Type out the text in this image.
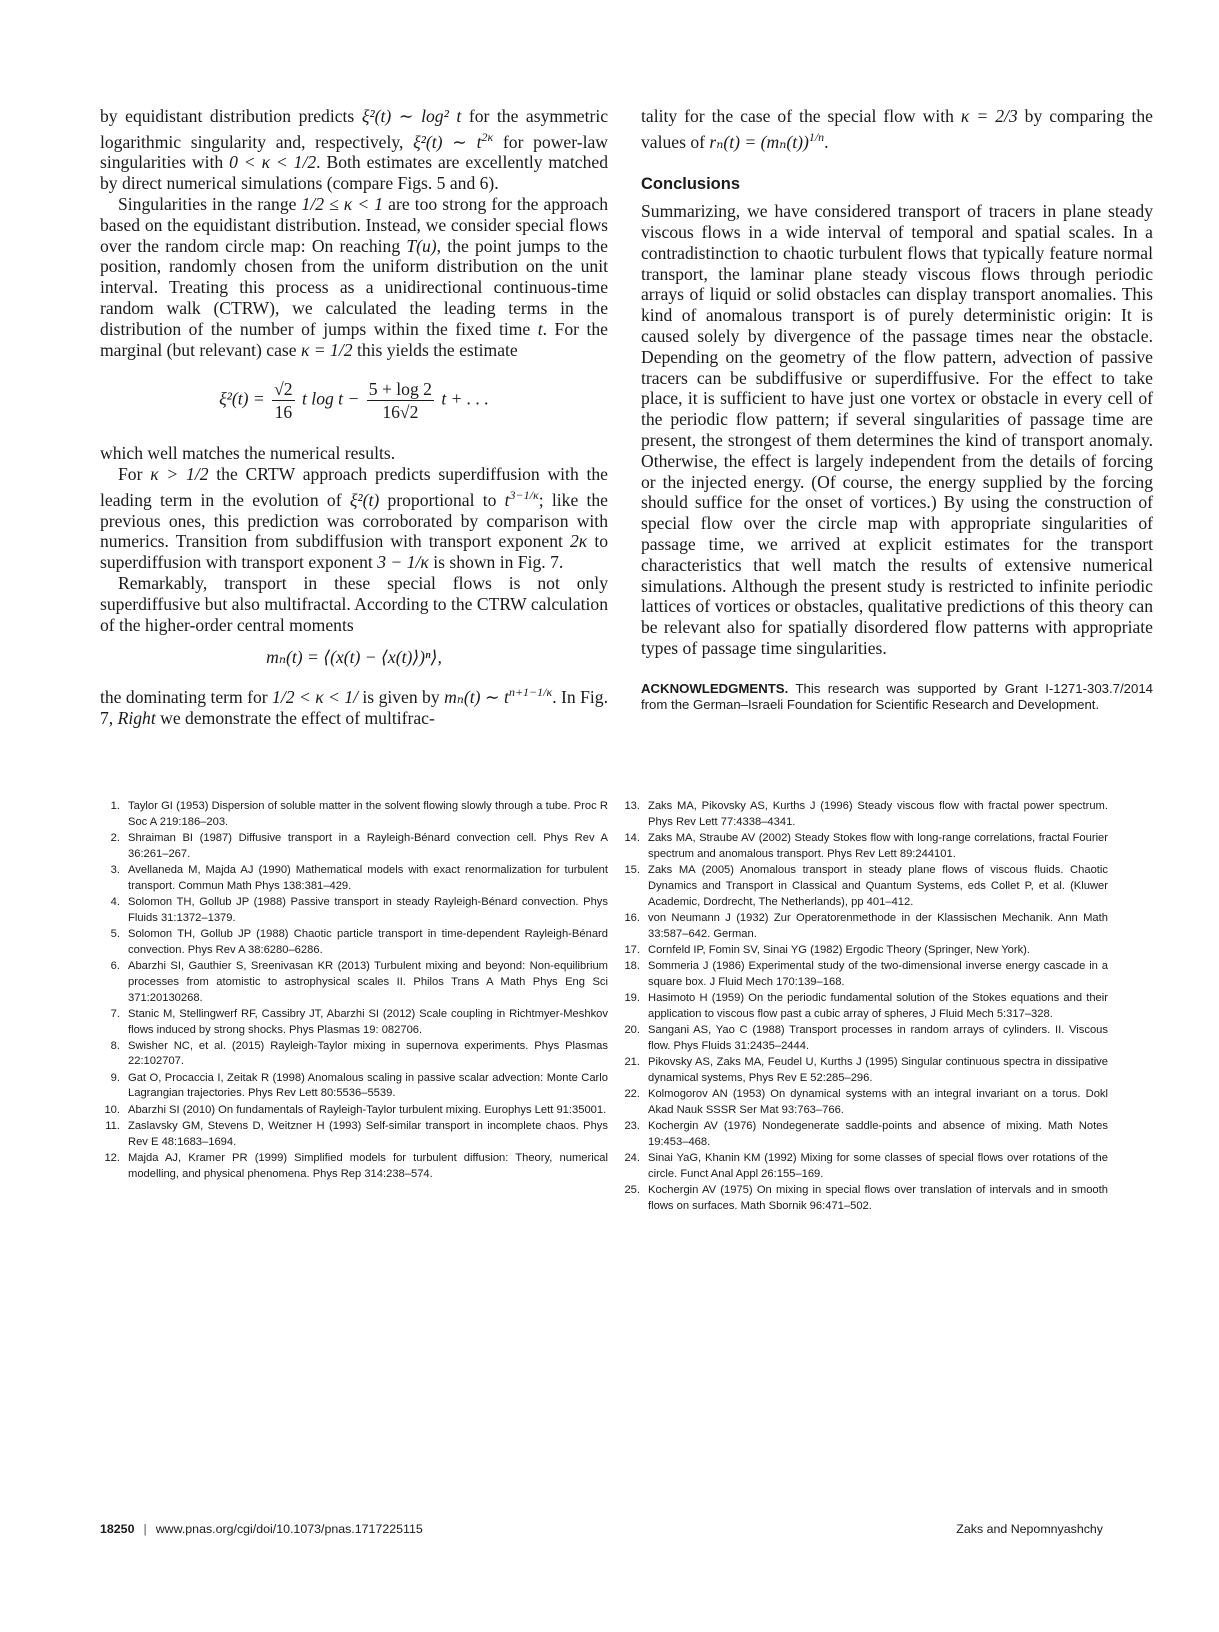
by equidistant distribution predicts ξ²(t) ∼ log² t for the asymmetric logarithmic singularity and, respectively, ξ²(t) ∼ $t^{2\kappa}$ for power-law singularities with 0 < κ < 1/2. Both estimates are excellently matched by direct numerical simulations (compare Figs. 5 and 6).

Singularities in the range 1/2 ≤ κ < 1 are too strong for the approach based on the equidistant distribution. Instead, we consider special flows over the random circle map: On reaching T(u), the point jumps to the position, randomly chosen from the uniform distribution on the unit interval. Treating this process as a unidirectional continuous-time random walk (CTRW), we calculated the leading terms in the distribution of the number of jumps within the fixed time t. For the marginal (but relevant) case κ = 1/2 this yields the estimate

$\xi^2(t) = \frac{√2}{16}$ t $\log t - \frac{5 + \log 2}{16√2}$ t + . . .

which well matches the numerical results.

For κ > 1/2 the CRTW approach predicts superdiffusion with the leading term in the evolution of ξ²(t) proportional to $t^{3-1/\kappa}$; like the previous ones, this prediction was corroborated by comparison with numerics. Transition from subdiffusion with transport exponent 2κ to superdiffusion with transport exponent 3 − 1/κ is shown in Fig. 7.

Remarkably, transport in these special flows is not only superdiffusive but also multifractal. According to the CTRW calculation of the higher-order central moments

mₙ(t) = ⟨(x(t) − ⟨x(t)⟩)ⁿ⟩,

the dominating term for 1/2 < κ < 1/ is given by mₙ(t) ∼ $t^{n+1-1/\kappa}$. In Fig. 7, Right we demonstrate the effect of multifrac-

tality for the case of the special flow with κ = 2/3 by comparing the values of $r_n(t) = (m_n(t))^{1/n}$.

Conclusions

Summarizing, we have considered transport of tracers in plane steady viscous flows in a wide interval of temporal and spatial scales. In a contradistinction to chaotic turbulent flows that typically feature normal transport, the laminar plane steady viscous flows through periodic arrays of liquid or solid obstacles can display transport anomalies. This kind of anomalous transport is of purely deterministic origin: It is caused solely by divergence of the passage times near the obstacle. Depending on the geometry of the flow pattern, advection of passive tracers can be subdiffusive or superdiffusive. For the effect to take place, it is sufficient to have just one vortex or obstacle in every cell of the periodic flow pattern; if several singularities of passage time are present, the strongest of them determines the kind of transport anomaly. Otherwise, the effect is largely independent from the details of forcing or the injected energy. (Of course, the energy supplied by the forcing should suffice for the onset of vortices.) By using the construction of special flow over the circle map with appropriate singularities of passage time, we arrived at explicit estimates for the transport characteristics that well match the results of extensive numerical simulations. Although the present study is restricted to infinite periodic lattices of vortices or obstacles, qualitative predictions of this theory can be relevant also for spatially disordered flow patterns with appropriate types of passage time singularities.

ACKNOWLEDGMENTS. This research was supported by Grant I-1271-303.7/2014 from the German–Israeli Foundation for Scientific Research and Development.
1. Taylor GI (1953) Dispersion of soluble matter in the solvent flowing slowly through a tube. Proc R Soc A 219:186–203.
2. Shraiman BI (1987) Diffusive transport in a Rayleigh-Bénard convection cell. Phys Rev A 36:261–267.
3. Avellaneda M, Majda AJ (1990) Mathematical models with exact renormalization for turbulent transport. Commun Math Phys 138:381–429.
4. Solomon TH, Gollub JP (1988) Passive transport in steady Rayleigh-Bénard convection. Phys Fluids 31:1372–1379.
5. Solomon TH, Gollub JP (1988) Chaotic particle transport in time-dependent Rayleigh-Bénard convection. Phys Rev A 38:6280–6286.
6. Abarzhi SI, Gauthier S, Sreenivasan KR (2013) Turbulent mixing and beyond: Non-equilibrium processes from atomistic to astrophysical scales II. Philos Trans A Math Phys Eng Sci 371:20130268.
7. Stanic M, Stellingwerf RF, Cassibry JT, Abarzhi SI (2012) Scale coupling in Richtmyer-Meshkov flows induced by strong shocks. Phys Plasmas 19: 082706.
8. Swisher NC, et al. (2015) Rayleigh-Taylor mixing in supernova experiments. Phys Plasmas 22:102707.
9. Gat O, Procaccia I, Zeitak R (1998) Anomalous scaling in passive scalar advection: Monte Carlo Lagrangian trajectories. Phys Rev Lett 80:5536–5539.
10. Abarzhi SI (2010) On fundamentals of Rayleigh-Taylor turbulent mixing. Europhys Lett 91:35001.
11. Zaslavsky GM, Stevens D, Weitzner H (1993) Self-similar transport in incomplete chaos. Phys Rev E 48:1683–1694.
12. Majda AJ, Kramer PR (1999) Simplified models for turbulent diffusion: Theory, numerical modelling, and physical phenomena. Phys Rep 314:238–574.
13. Zaks MA, Pikovsky AS, Kurths J (1996) Steady viscous flow with fractal power spectrum. Phys Rev Lett 77:4338–4341.
14. Zaks MA, Straube AV (2002) Steady Stokes flow with long-range correlations, fractal Fourier spectrum and anomalous transport. Phys Rev Lett 89:244101.
15. Zaks MA (2005) Anomalous transport in steady plane flows of viscous fluids. Chaotic Dynamics and Transport in Classical and Quantum Systems, eds Collet P, et al. (Kluwer Academic, Dordrecht, The Netherlands), pp 401–412.
16. von Neumann J (1932) Zur Operatorenmethode in der Klassischen Mechanik. Ann Math 33:587–642. German.
17. Cornfeld IP, Fomin SV, Sinai YG (1982) Ergodic Theory (Springer, New York).
18. Sommeria J (1986) Experimental study of the two-dimensional inverse energy cascade in a square box. J Fluid Mech 170:139–168.
19. Hasimoto H (1959) On the periodic fundamental solution of the Stokes equations and their application to viscous flow past a cubic array of spheres, J Fluid Mech 5:317–328.
20. Sangani AS, Yao C (1988) Transport processes in random arrays of cylinders. II. Viscous flow. Phys Fluids 31:2435–2444.
21. Pikovsky AS, Zaks MA, Feudel U, Kurths J (1995) Singular continuous spectra in dissipative dynamical systems, Phys Rev E 52:285–296.
22. Kolmogorov AN (1953) On dynamical systems with an integral invariant on a torus. Dokl Akad Nauk SSSR Ser Mat 93:763–766.
23. Kochergin AV (1976) Nondegenerate saddle-points and absence of mixing. Math Notes 19:453–468.
24. Sinai YaG, Khanin KM (1992) Mixing for some classes of special flows over rotations of the circle. Funct Anal Appl 26:155–169.
25. Kochergin AV (1975) On mixing in special flows over translation of intervals and in smooth flows on surfaces. Math Sbornik 96:471–502.
18250 | www.pnas.org/cgi/doi/10.1073/pnas.1717225115	Zaks and Nepomnyashchy
